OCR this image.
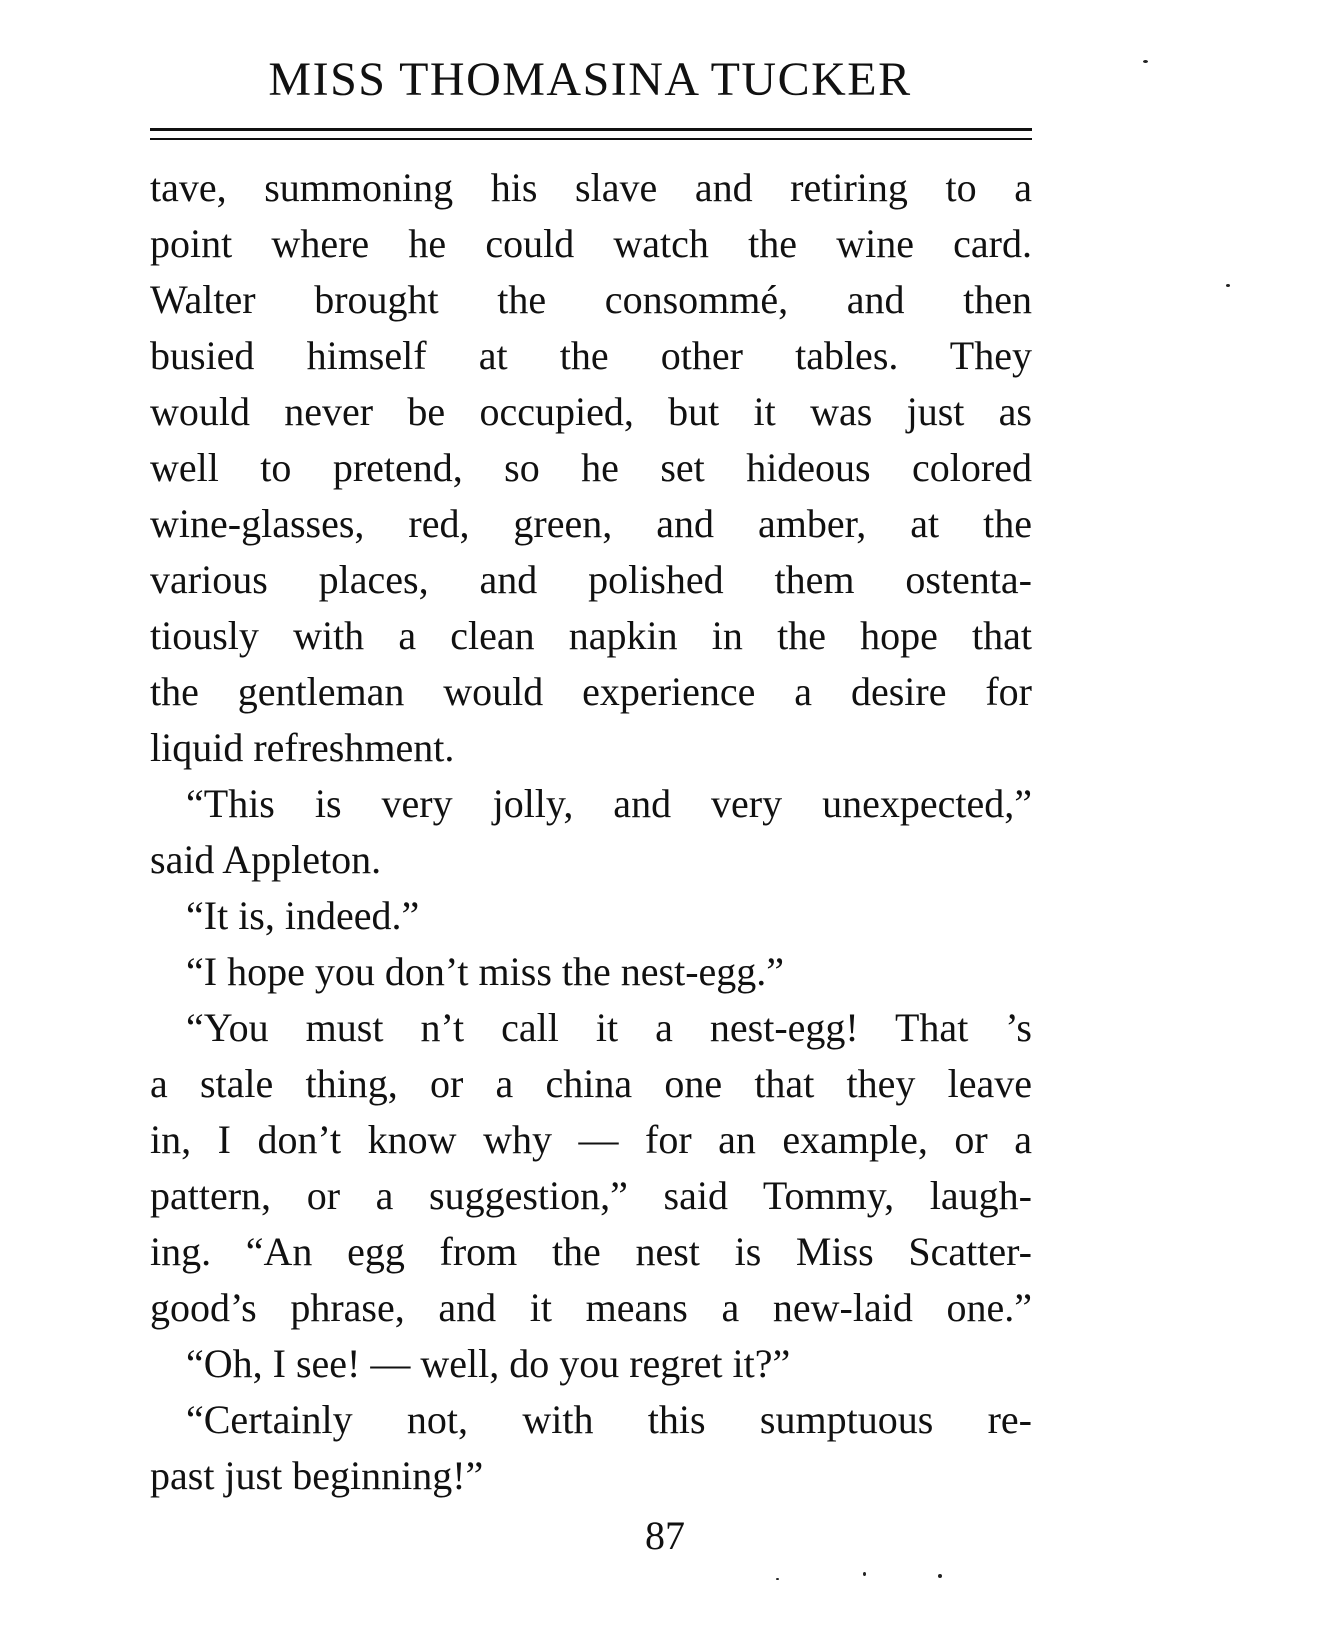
MISS THOMASINA TUCKER
tave, summoning his slave and retiring to a
point where he could watch the wine card.
Walter brought the consommé, and then
busied himself at the other tables. They
would never be occupied, but it was just as
well to pretend, so he set hideous colored
wine-glasses, red, green, and amber, at the
various places, and polished them ostenta-
tiously with a clean napkin in the hope that
the gentleman would experience a desire for
liquid refreshment.
“This is very jolly, and very unexpected,”
said Appleton.
“It is, indeed.”
“I hope you don’t miss the nest-egg.”
“You must n’t call it a nest-egg! That ’s
a stale thing, or a china one that they leave
in, I don’t know why — for an example, or a
pattern, or a suggestion,” said Tommy, laugh-
ing. “An egg from the nest is Miss Scatter-
good’s phrase, and it means a new-laid one.”
“Oh, I see! — well, do you regret it?”
“Certainly not, with this sumptuous re-
past just beginning!”
87
